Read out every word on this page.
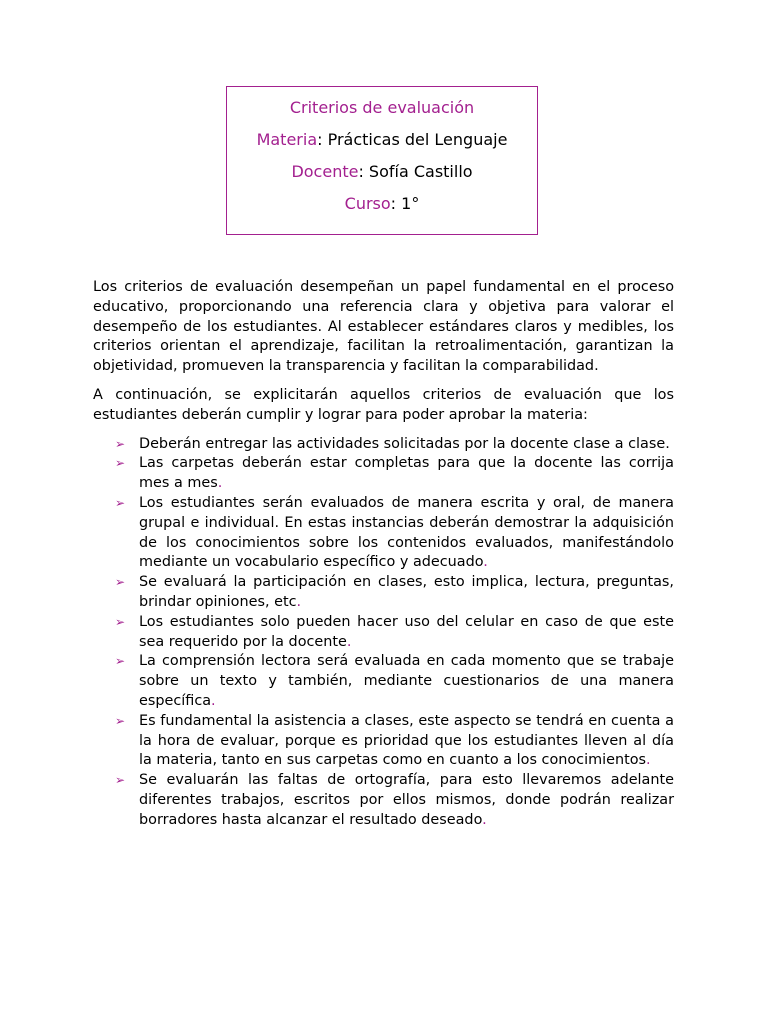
Criterios de evaluación
Materia: Prácticas del Lenguaje
Docente: Sofía Castillo
Curso: 1°

Los criterios de evaluación desempeñan un papel fundamental en el proceso educativo, proporcionando una referencia clara y objetiva para valorar el desempeño de los estudiantes. Al establecer estándares claros y medibles, los criterios orientan el aprendizaje, facilitan la retroalimentación, garantizan la objetividad, promueven la transparencia y facilitan la comparabilidad.

A continuación, se explicitarán aquellos criterios de evaluación que los estudiantes deberán cumplir y lograr para poder aprobar la materia:

➢ Deberán entregar las actividades solicitadas por la docente clase a clase.
➢ Las carpetas deberán estar completas para que la docente las corrija mes a mes.
➢ Los estudiantes serán evaluados de manera escrita y oral, de manera grupal e individual. En estas instancias deberán demostrar la adquisición de los conocimientos sobre los contenidos evaluados, manifestándolo mediante un vocabulario específico y adecuado.
➢ Se evaluará la participación en clases, esto implica, lectura, preguntas, brindar opiniones, etc.
➢ Los estudiantes solo pueden hacer uso del celular en caso de que este sea requerido por la docente.
➢ La comprensión lectora será evaluada en cada momento que se trabaje sobre un texto y también, mediante cuestionarios de una manera específica.
➢ Es fundamental la asistencia a clases, este aspecto se tendrá en cuenta a la hora de evaluar, porque es prioridad que los estudiantes lleven al día la materia, tanto en sus carpetas como en cuanto a los conocimientos.
➢ Se evaluarán las faltas de ortografía, para esto llevaremos adelante diferentes trabajos, escritos por ellos mismos, donde podrán realizar borradores hasta alcanzar el resultado deseado.
